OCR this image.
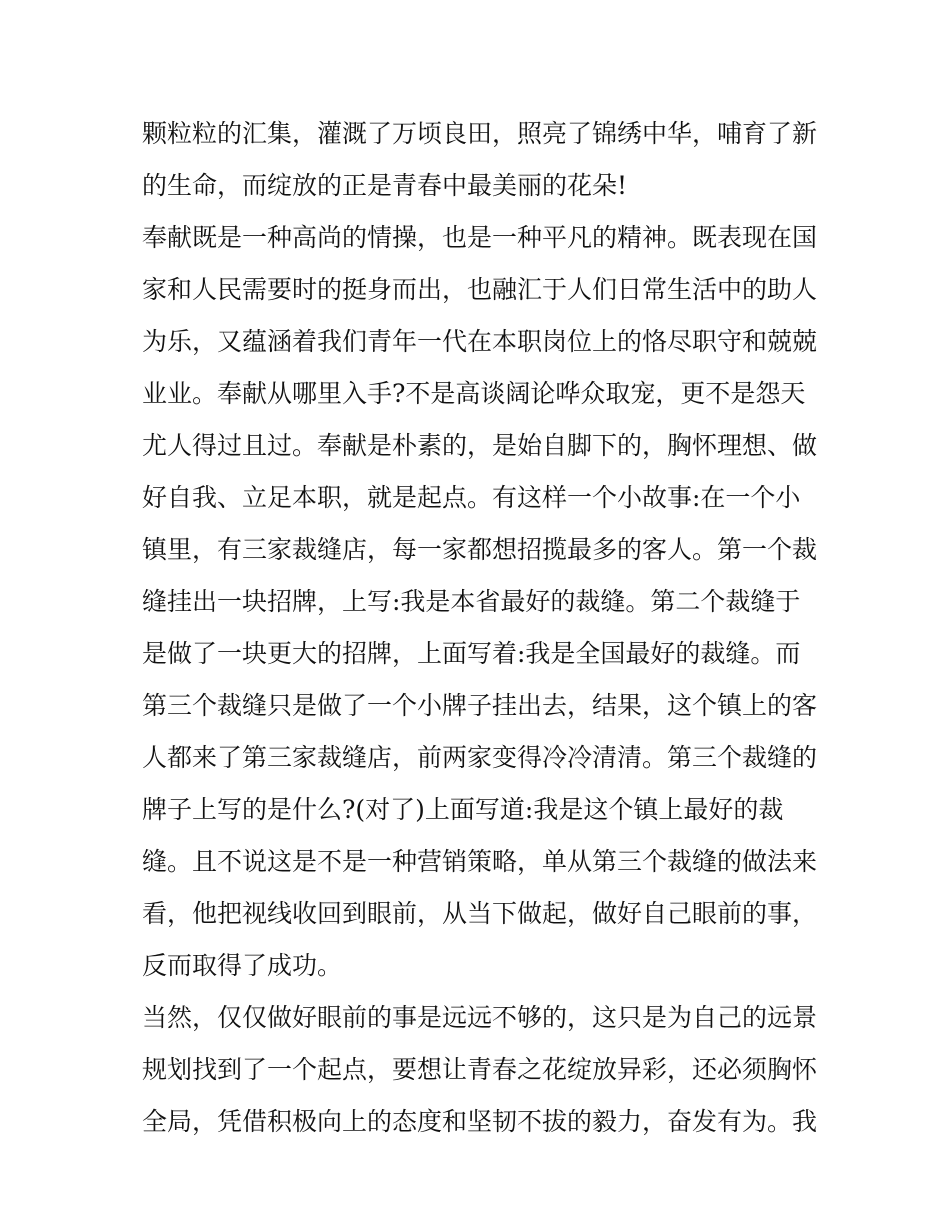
颗粒粒的汇集，灌溉了万顷良田，照亮了锦绣中华，哺育了新
的生命，而绽放的正是青春中最美丽的花朵!
奉献既是一种高尚的情操，也是一种平凡的精神。既表现在国
家和人民需要时的挺身而出，也融汇于人们日常生活中的助人
为乐，又蕴涵着我们青年一代在本职岗位上的恪尽职守和兢兢
业业。奉献从哪里入手?不是高谈阔论哗众取宠，更不是怨天
尤人得过且过。奉献是朴素的，是始自脚下的，胸怀理想、做
好自我、立足本职，就是起点。有这样一个小故事:在一个小
镇里，有三家裁缝店，每一家都想招揽最多的客人。第一个裁
缝挂出一块招牌，上写:我是本省最好的裁缝。第二个裁缝于
是做了一块更大的招牌，上面写着:我是全国最好的裁缝。而
第三个裁缝只是做了一个小牌子挂出去，结果，这个镇上的客
人都来了第三家裁缝店，前两家变得冷冷清清。第三个裁缝的
牌子上写的是什么?(对了)上面写道:我是这个镇上最好的裁
缝。且不说这是不是一种营销策略，单从第三个裁缝的做法来
看，他把视线收回到眼前，从当下做起，做好自己眼前的事，
反而取得了成功。
当然，仅仅做好眼前的事是远远不够的，这只是为自己的远景
规划找到了一个起点，要想让青春之花绽放异彩，还必须胸怀
全局，凭借积极向上的态度和坚韧不拔的毅力，奋发有为。我
